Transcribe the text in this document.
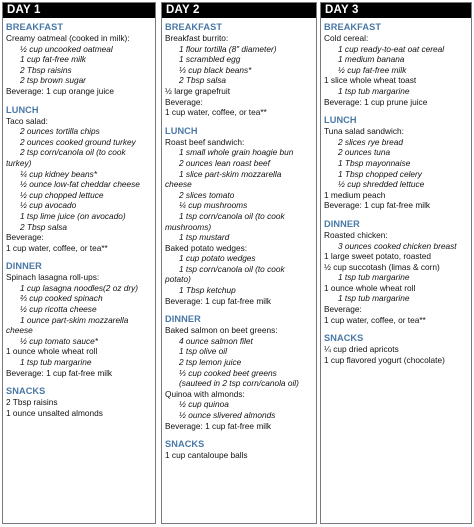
DAY 1
BREAKFAST
Creamy oatmeal (cooked in milk):
½ cup uncooked oatmeal
1 cup fat-free milk
2 Tbsp raisins
2 tsp brown sugar
Beverage: 1 cup orange juice
LUNCH
Taco salad:
2 ounces tortilla chips
2 ounces cooked ground turkey
2 tsp corn/canola oil (to cook
turkey)
¼ cup kidney beans*
½ ounce low-fat cheddar cheese
½ cup chopped lettuce
½ cup avocado
1 tsp lime juice (on avocado)
2 Tbsp salsa
Beverage:
1 cup water, coffee, or tea**
DINNER
Spinach lasagna roll-ups:
1 cup lasagna noodles(2 oz dry)
⅔ cup cooked spinach
½ cup ricotta cheese
1 ounce part-skim mozzarella
cheese
½ cup tomato sauce*
1 ounce whole wheat roll
1 tsp tub margarine
Beverage: 1 cup fat-free milk
SNACKS
2 Tbsp raisins
1 ounce unsalted almonds
DAY 2
BREAKFAST
Breakfast burrito:
1 flour tortilla (8" diameter)
1 scrambled egg
⅓ cup black beans*
2 Tbsp salsa
½ large grapefruit
Beverage:
1 cup water, coffee, or tea**
LUNCH
Roast beef sandwich:
1 small whole grain hoagie bun
2 ounces lean roast beef
1 slice part-skim mozzarella
cheese
2 slices tomato
¼ cup mushrooms
1 tsp corn/canola oil (to cook
mushrooms)
1 tsp mustard
Baked potato wedges:
1 cup potato wedges
1 tsp corn/canola oil (to cook
potato)
1 Tbsp ketchup
Beverage: 1 cup fat-free milk
DINNER
Baked salmon on beet greens:
4 ounce salmon filet
1 tsp olive oil
2 tsp lemon juice
⅓ cup cooked beet greens
(sauteed in 2 tsp corn/canola oil)
Quinoa with almonds:
½ cup quinoa
½ ounce slivered almonds
Beverage: 1 cup fat-free milk
SNACKS
1 cup cantaloupe balls
DAY 3
BREAKFAST
Cold cereal:
1 cup ready-to-eat oat cereal
1 medium banana
½ cup fat-free milk
1 slice whole wheat toast
1 tsp tub margarine
Beverage: 1 cup prune juice
LUNCH
Tuna salad sandwich:
2 slices rye bread
2 ounces tuna
1 Tbsp mayonnaise
1 Tbsp chopped celery
½ cup shredded lettuce
1 medium peach
Beverage: 1 cup fat-free milk
DINNER
Roasted chicken:
3 ounces cooked chicken breast
1 large sweet potato, roasted
½ cup succotash (limas & corn)
1 tsp tub margarine
1 ounce whole wheat roll
1 tsp tub margarine
Beverage:
1 cup water, coffee, or tea**
SNACKS
¼ cup dried apricots
1 cup flavored yogurt (chocolate)
